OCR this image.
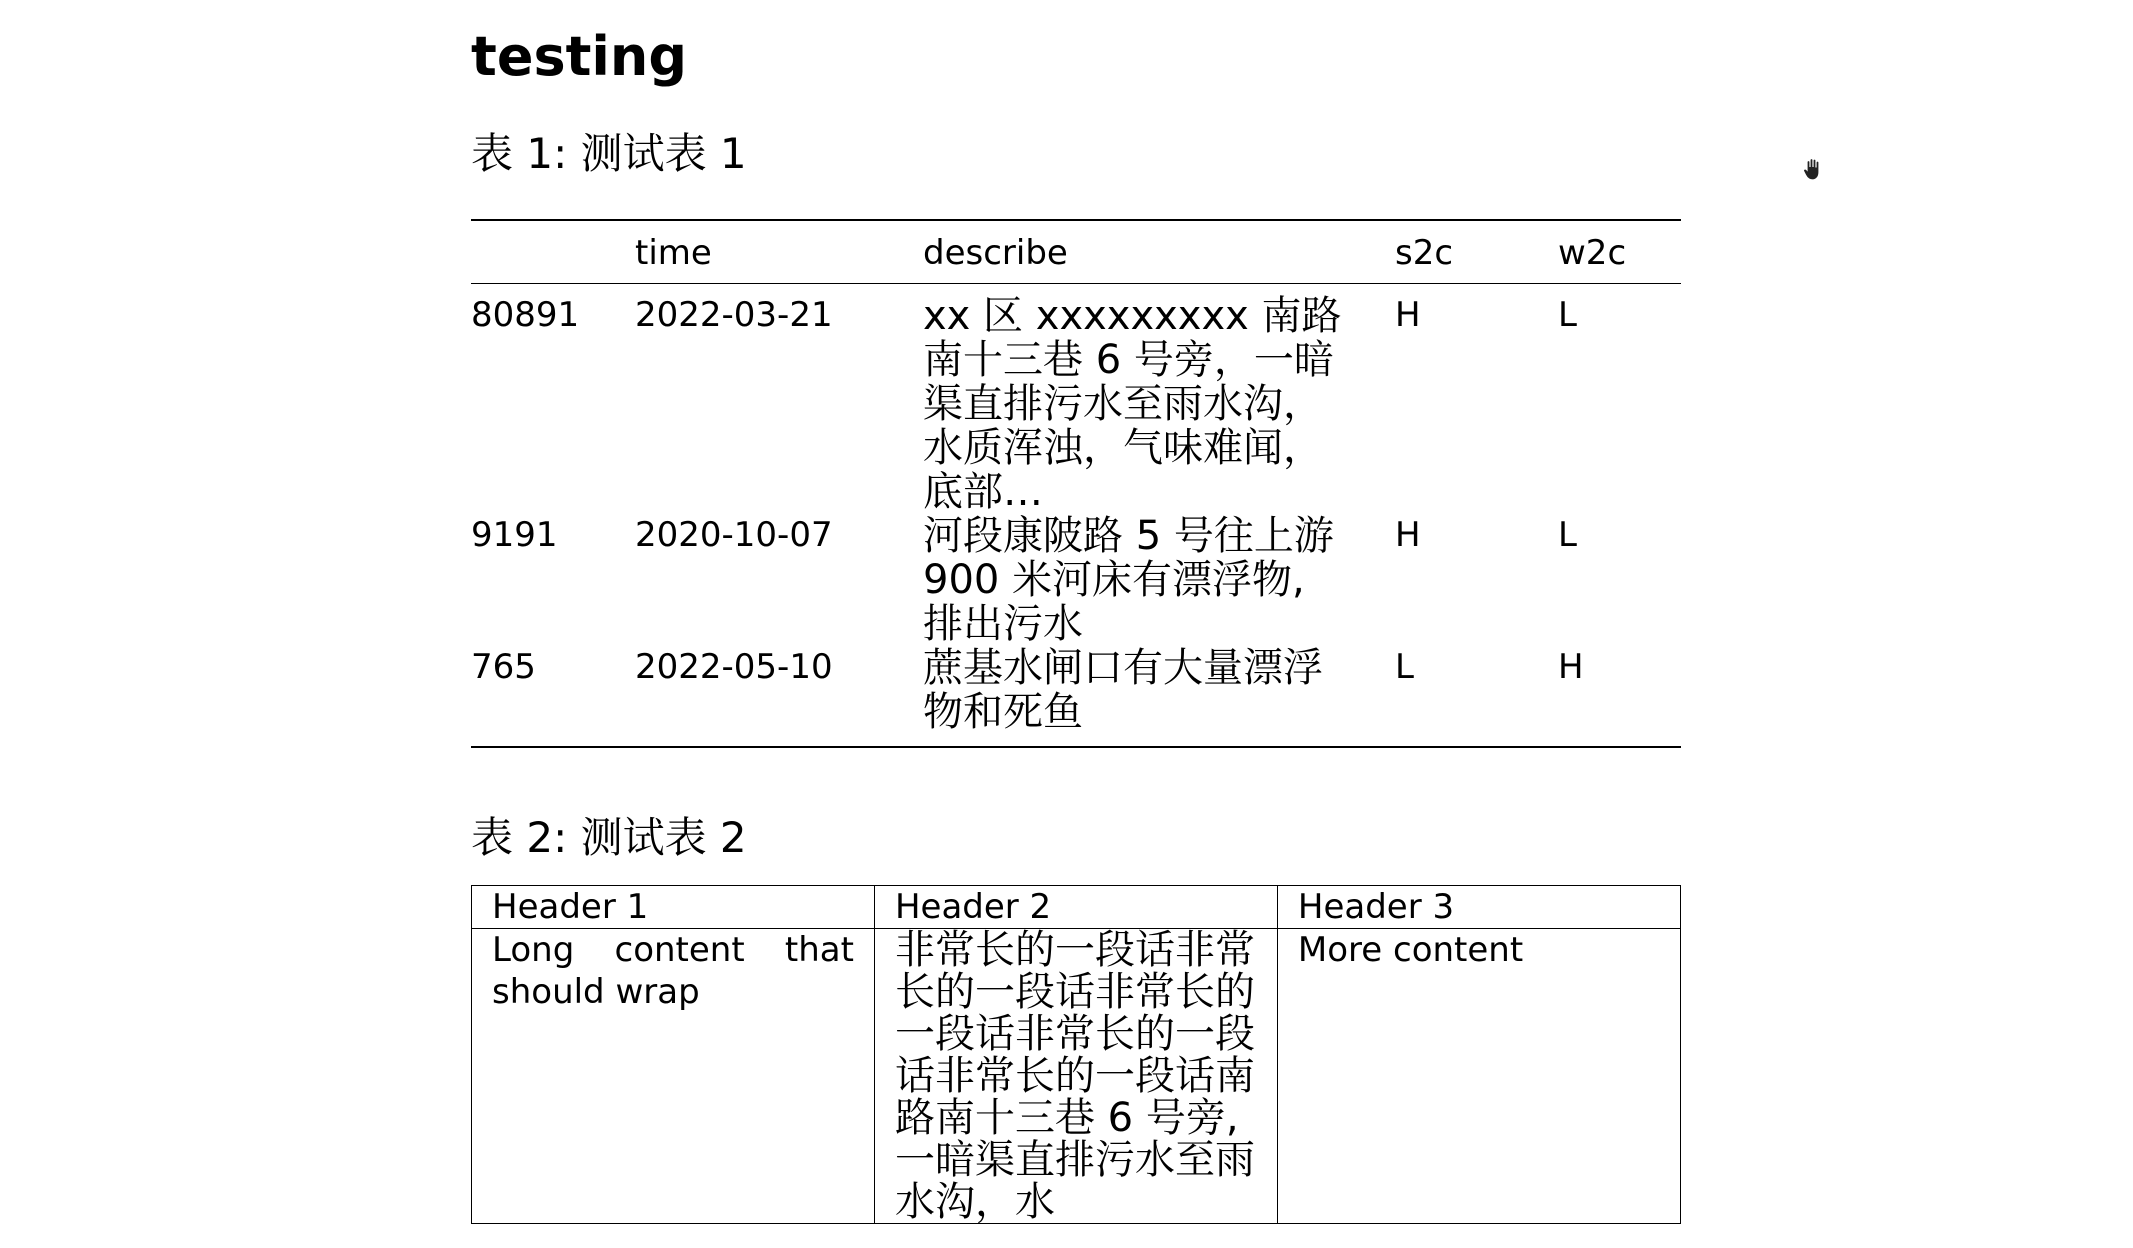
testing
表 1: 测试表 1
	time	describe	s2c	w2c
80891	2022-03-21	xx 区 xxxxxxxxx 南路南十三巷 6 号旁，一暗渠直排污水至雨水沟，水质浑浊，气味难闻，底部…	H	L
9191	2020-10-07	河段康陂路 5 号往上游 900 米河床有漂浮物, 排出污水	H	L
765	2022-05-10	蔗基水闸口有大量漂浮物和死鱼	L	H
表 2: 测试表 2
Header 1	Header 2	Header 3
Long content that should wrap	非常长的一段话非常长的一段话非常长的一段话非常长的一段话非常长的一段话南路南十三巷 6 号旁, 一暗渠直排污水至雨水沟，水	More content
